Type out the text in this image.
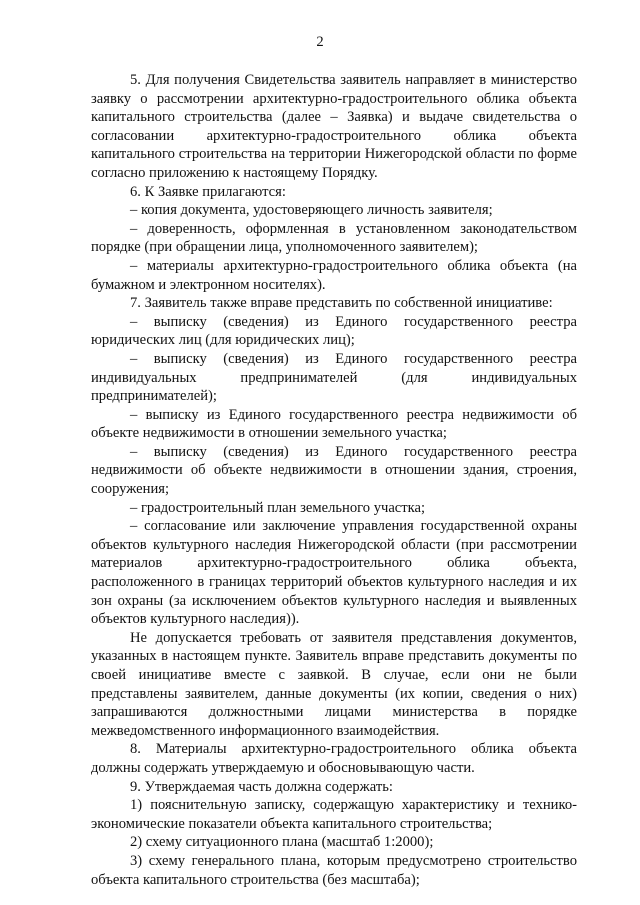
2

5. Для получения Свидетельства заявитель направляет в министерство заявку о рассмотрении архитектурно-градостроительного облика объекта капитального строительства (далее – Заявка) и выдаче свидетельства о согласовании архитектурно-градостроительного облика объекта капитального строительства на территории Нижегородской области по форме согласно приложению к настоящему Порядку.

6. К Заявке прилагаются:

– копия документа, удостоверяющего личность заявителя;

– доверенность, оформленная в установленном законодательством порядке (при обращении лица, уполномоченного заявителем);

– материалы архитектурно-градостроительного облика объекта (на бумажном и электронном носителях).

7. Заявитель также вправе представить по собственной инициативе:

– выписку (сведения) из Единого государственного реестра юридических лиц (для юридических лиц);

– выписку (сведения) из Единого государственного реестра индивидуальных предпринимателей (для индивидуальных предпринимателей);

– выписку из Единого государственного реестра недвижимости об объекте недвижимости в отношении земельного участка;

– выписку (сведения) из Единого государственного реестра недвижимости об объекте недвижимости в отношении здания, строения, сооружения;

– градостроительный план земельного участка;

– согласование или заключение управления государственной охраны объектов культурного наследия Нижегородской области (при рассмотрении материалов архитектурно-градостроительного облика объекта, расположенного в границах территорий объектов культурного наследия и их зон охраны (за исключением объектов культурного наследия и выявленных объектов культурного наследия)).

Не допускается требовать от заявителя представления документов, указанных в настоящем пункте. Заявитель вправе представить документы по своей инициативе вместе с заявкой. В случае, если они не были представлены заявителем, данные документы (их копии, сведения о них) запрашиваются должностными лицами министерства в порядке межведомственного информационного взаимодействия.

8. Материалы архитектурно-градостроительного облика объекта должны содержать утверждаемую и обосновывающую части.

9. Утверждаемая часть должна содержать:

1) пояснительную записку, содержащую характеристику и технико-экономические показатели объекта капитального строительства;

2) схему ситуационного плана (масштаб 1:2000);

3) схему генерального плана, которым предусмотрено строительство объекта капитального строительства (без масштаба);
